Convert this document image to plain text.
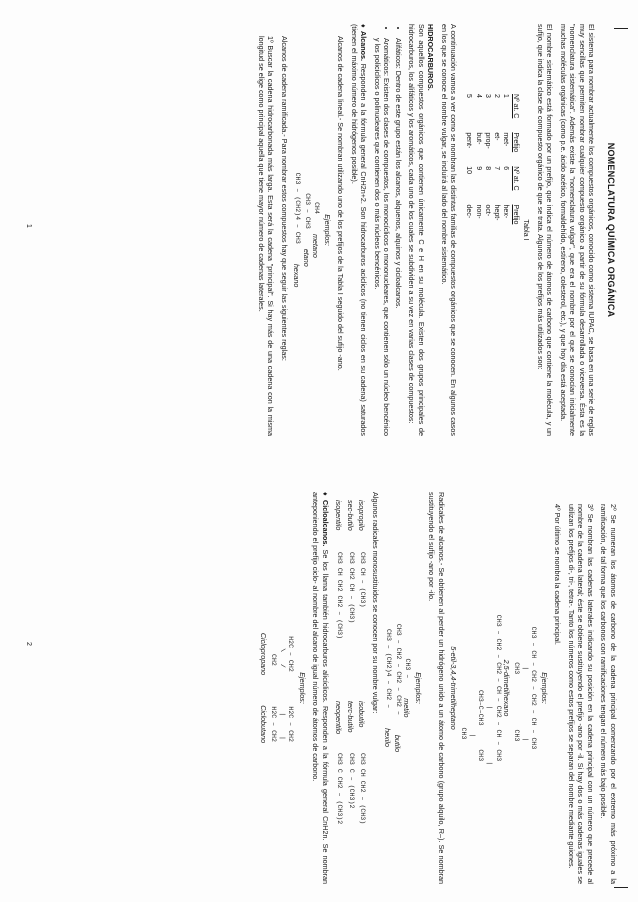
NOMENCLATURA QUÍMICA ORGÁNICA

El sistema para nombrar actualmente los compuestos orgánicos, conocido como sistema IUPAC, se basa en una serie de reglas muy sencillas que permiten nombrar cualquier compuesto orgánico a partir de su fórmula desarrollada o viceversa. Ésta es la "nomenclatura sistemática". Además existe la "nomenclatura vulgar", que era el nombre por el que se conocían inicialmente muchas moléculas orgánicas (como p.e. ácido acético, formaldehído, estireno, colesterol, etc.), y que hoy día está aceptada.

El nombre sistemático está formado por un prefijo, que indica el número de átomos de carbono que contiene la molécula, y un sufijo, que indica la clase de compuesto orgánico de que se trata. Algunos de los prefijos más utilizados son:

Tabla I
Nº at. C	Prefijo	Nº at. C	Prefijo
1	met-	6	hex-
2	et-	7	hept-
3	prop-	8	oct-
4	but-	9	non-
5	pent-	10	dec-

A continuación vamos a ver como se nombran las distintas familias de compuestos orgánicos que se conocen. En algunos casos en los que se conoce el nombre vulgar, se incluirá al lado del nombre sistemático.

HIDROCARBUROS.

Son aquellos compuestos orgánicos que contienen únicamente C e H en su molécula. Existen dos grupos principales de hidrocarburos, los alifáticos y los aromáticos, cada uno de los cuales se subdividen a su vez en varias clases de compuestos:

• Alifáticos: Dentro de este grupo están los alcanos, alquenos, alquinos y cicloalcanos.
• Aromáticos: Existen dos clases de compuestos, los monocíclicos o mononucleares, que contienen sólo un núcleo bencénico y los policíclicos o polinucleares que contienen dos o más núcleos bencénicos.

♦ Alcanos. Responden a la fórmula general CnH2n+2. Son hidrocarburos acíclicos (no tienen ciclos en su cadena) saturados (tienen el máximo número de hidrógenos posible).

Alcanos de cadena lineal.- Se nombran utilizando uno de los prefijos de la Tabla I seguido del sufijo -ano.

Ejemplos:
CH4
metano
CH3 – CH3
etano
CH3 – (CH2)4 – CH3
hexano

Alcanos de cadena ramificada.- Para nombrar estos compuestos hay que seguir las siguientes reglas:

1º Buscar la cadena hidrocarbonada más larga. Esta será la cadena "principal". Si hay más de una cadena con la misma longitud se elige como principal aquella que tiene mayor número de cadenas laterales.

1

2º Se numeran los átomos de carbono de la cadena principal comenzando por el extremo más próximo a la ramificación, de tal forma que los carbonos con ramificaciones tengan el número más bajo posible.

3º Se nombran las cadenas laterales indicando su posición en la cadena principal con un número que precede al nombre de la cadena lateral; éste se obtiene sustituyendo el prefijo -ano por -il. Si hay dos o más cadenas iguales se utilizan los prefijos di-, tri-, tetra-. Tanto los números como estos prefijos se separan del nombre mediante guiones.

4º Por último se nombra la cadena principal.

Ejemplos:
CH3 – CH – CH2 – CH2 – CH – CH3
|                 |
CH3              CH3
2,5-dimetilhexano
CH3 – CH2 – CH2 – CH – CH2 – CH – CH3
|             |
CH3–C–CH3      CH3
|
CH3
5-etil-3,4,4-trimetilheptano

Radicales de alcanos.- Se obtienen al perder un hidrógeno unido a un átomo de carbono (grupo alquilo, R–). Se nombran sustituyendo el sufijo -ano por -ilo.

Ejemplos:
CH3 –
metilo
CH3 – CH2 – CH2 – CH2 –
butilo
CH3 – (CH2)4 – CH2 –
hexilo

Algunos radicales monosustituidos se conocen por su nombre vulgar:

isopropilo
CH3 CH – (CH3)
isobutilo
CH3 CH CH2 – (CH3)
sec-butilo
CH3 CH2 CH – (CH3)
terc-butilo
CH3 C – (CH3)2
isopentilo
CH3 CH CH2 CH2 – (CH3)
neopentilo
CH3 C CH2 – (CH3)2

♦ Cicloalcanos. Se los llama también hidrocarburos alicíclicos. Responden a la fórmula general CnH2n. Se nombran anteponiendo el prefijo ciclo- al nombre del alcano de igual número de átomos de carbono.

Ejemplos:
H2C – CH2
\   /
CH2
Ciclopropano
H2C – CH2
|     |
H2C – CH2
Ciclobutano
2
